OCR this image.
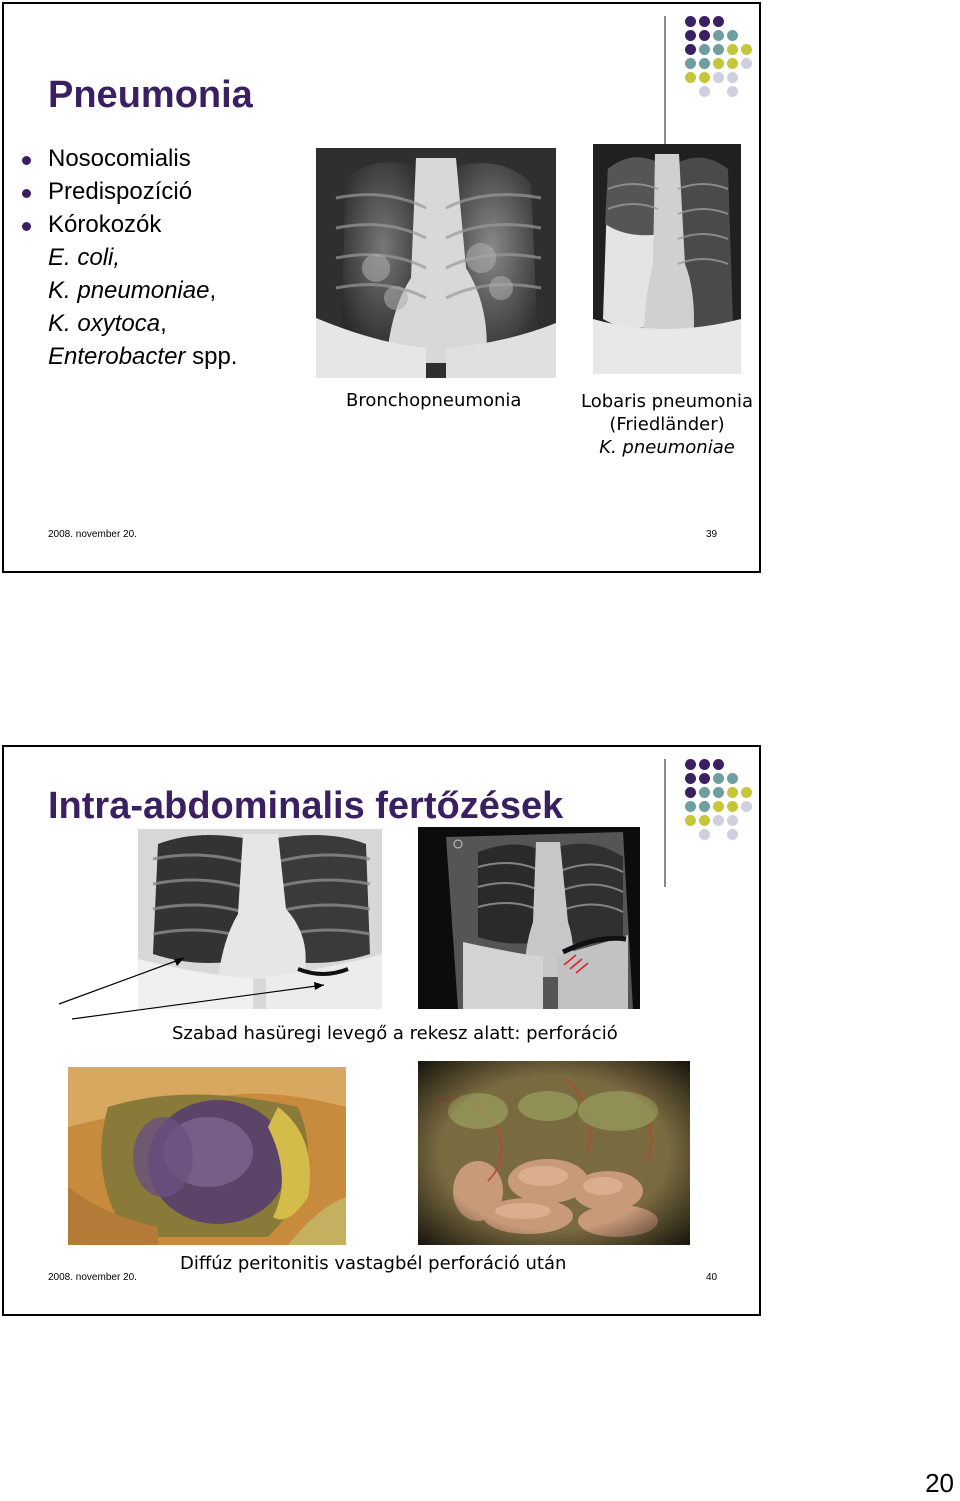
Pneumonia
Nosocomialis
Predispozíció
Kórokozók
E. coli,
K. pneumoniae,
K. oxytoca,
Enterobacter spp.
Bronchopneumonia	Lobaris pneumonia
(Friedländer)
K. pneumoniae
2008. november 20.	39
Intra-abdominalis fertőzések
Szabad hasüregi levegő a rekesz alatt: perforáció
Diffúz peritonitis vastagbél perforáció után
2008. november 20.	40
20
